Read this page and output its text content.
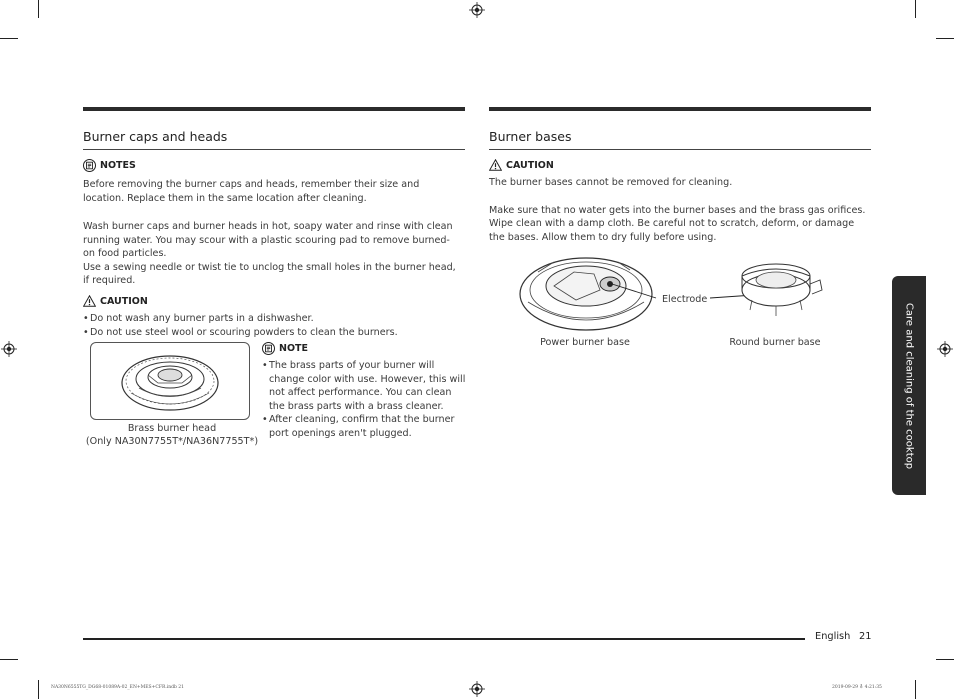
Burner caps and heads
NOTES

Before removing the burner caps and heads, remember their size and location. Replace them in the same location after cleaning.

Wash burner caps and burner heads in hot, soapy water and rinse with clean running water. You may scour with a plastic scouring pad to remove burned-on food particles.

Use a sewing needle or twist tie to unclog the small holes in the burner head, if required.

CAUTION
• Do not wash any burner parts in a dishwasher.
• Do not use steel wool or scouring powders to clean the burners.
Brass burner head
(Only NA30N7755T*/NA36N7755T*)
NOTE
• The brass parts of your burner will change color with use. However, this will not affect performance. You can clean the brass parts with a brass cleaner.
• After cleaning, confirm that the burner port openings aren't plugged.
Burner bases
CAUTION

The burner bases cannot be removed for cleaning.

Make sure that no water gets into the burner bases and the brass gas orifices. Wipe clean with a damp cloth. Be careful not to scratch, deform, or damage the bases. Allow them to dry fully before using.

Electrode
Power burner base	Round burner base	Care and cleaning of the cooktop
English 21
NA30N6555TG_DG68-01089A-02_EN+MES+CFR.indb 21	2019-09-29 ⚨ 4:21:35
